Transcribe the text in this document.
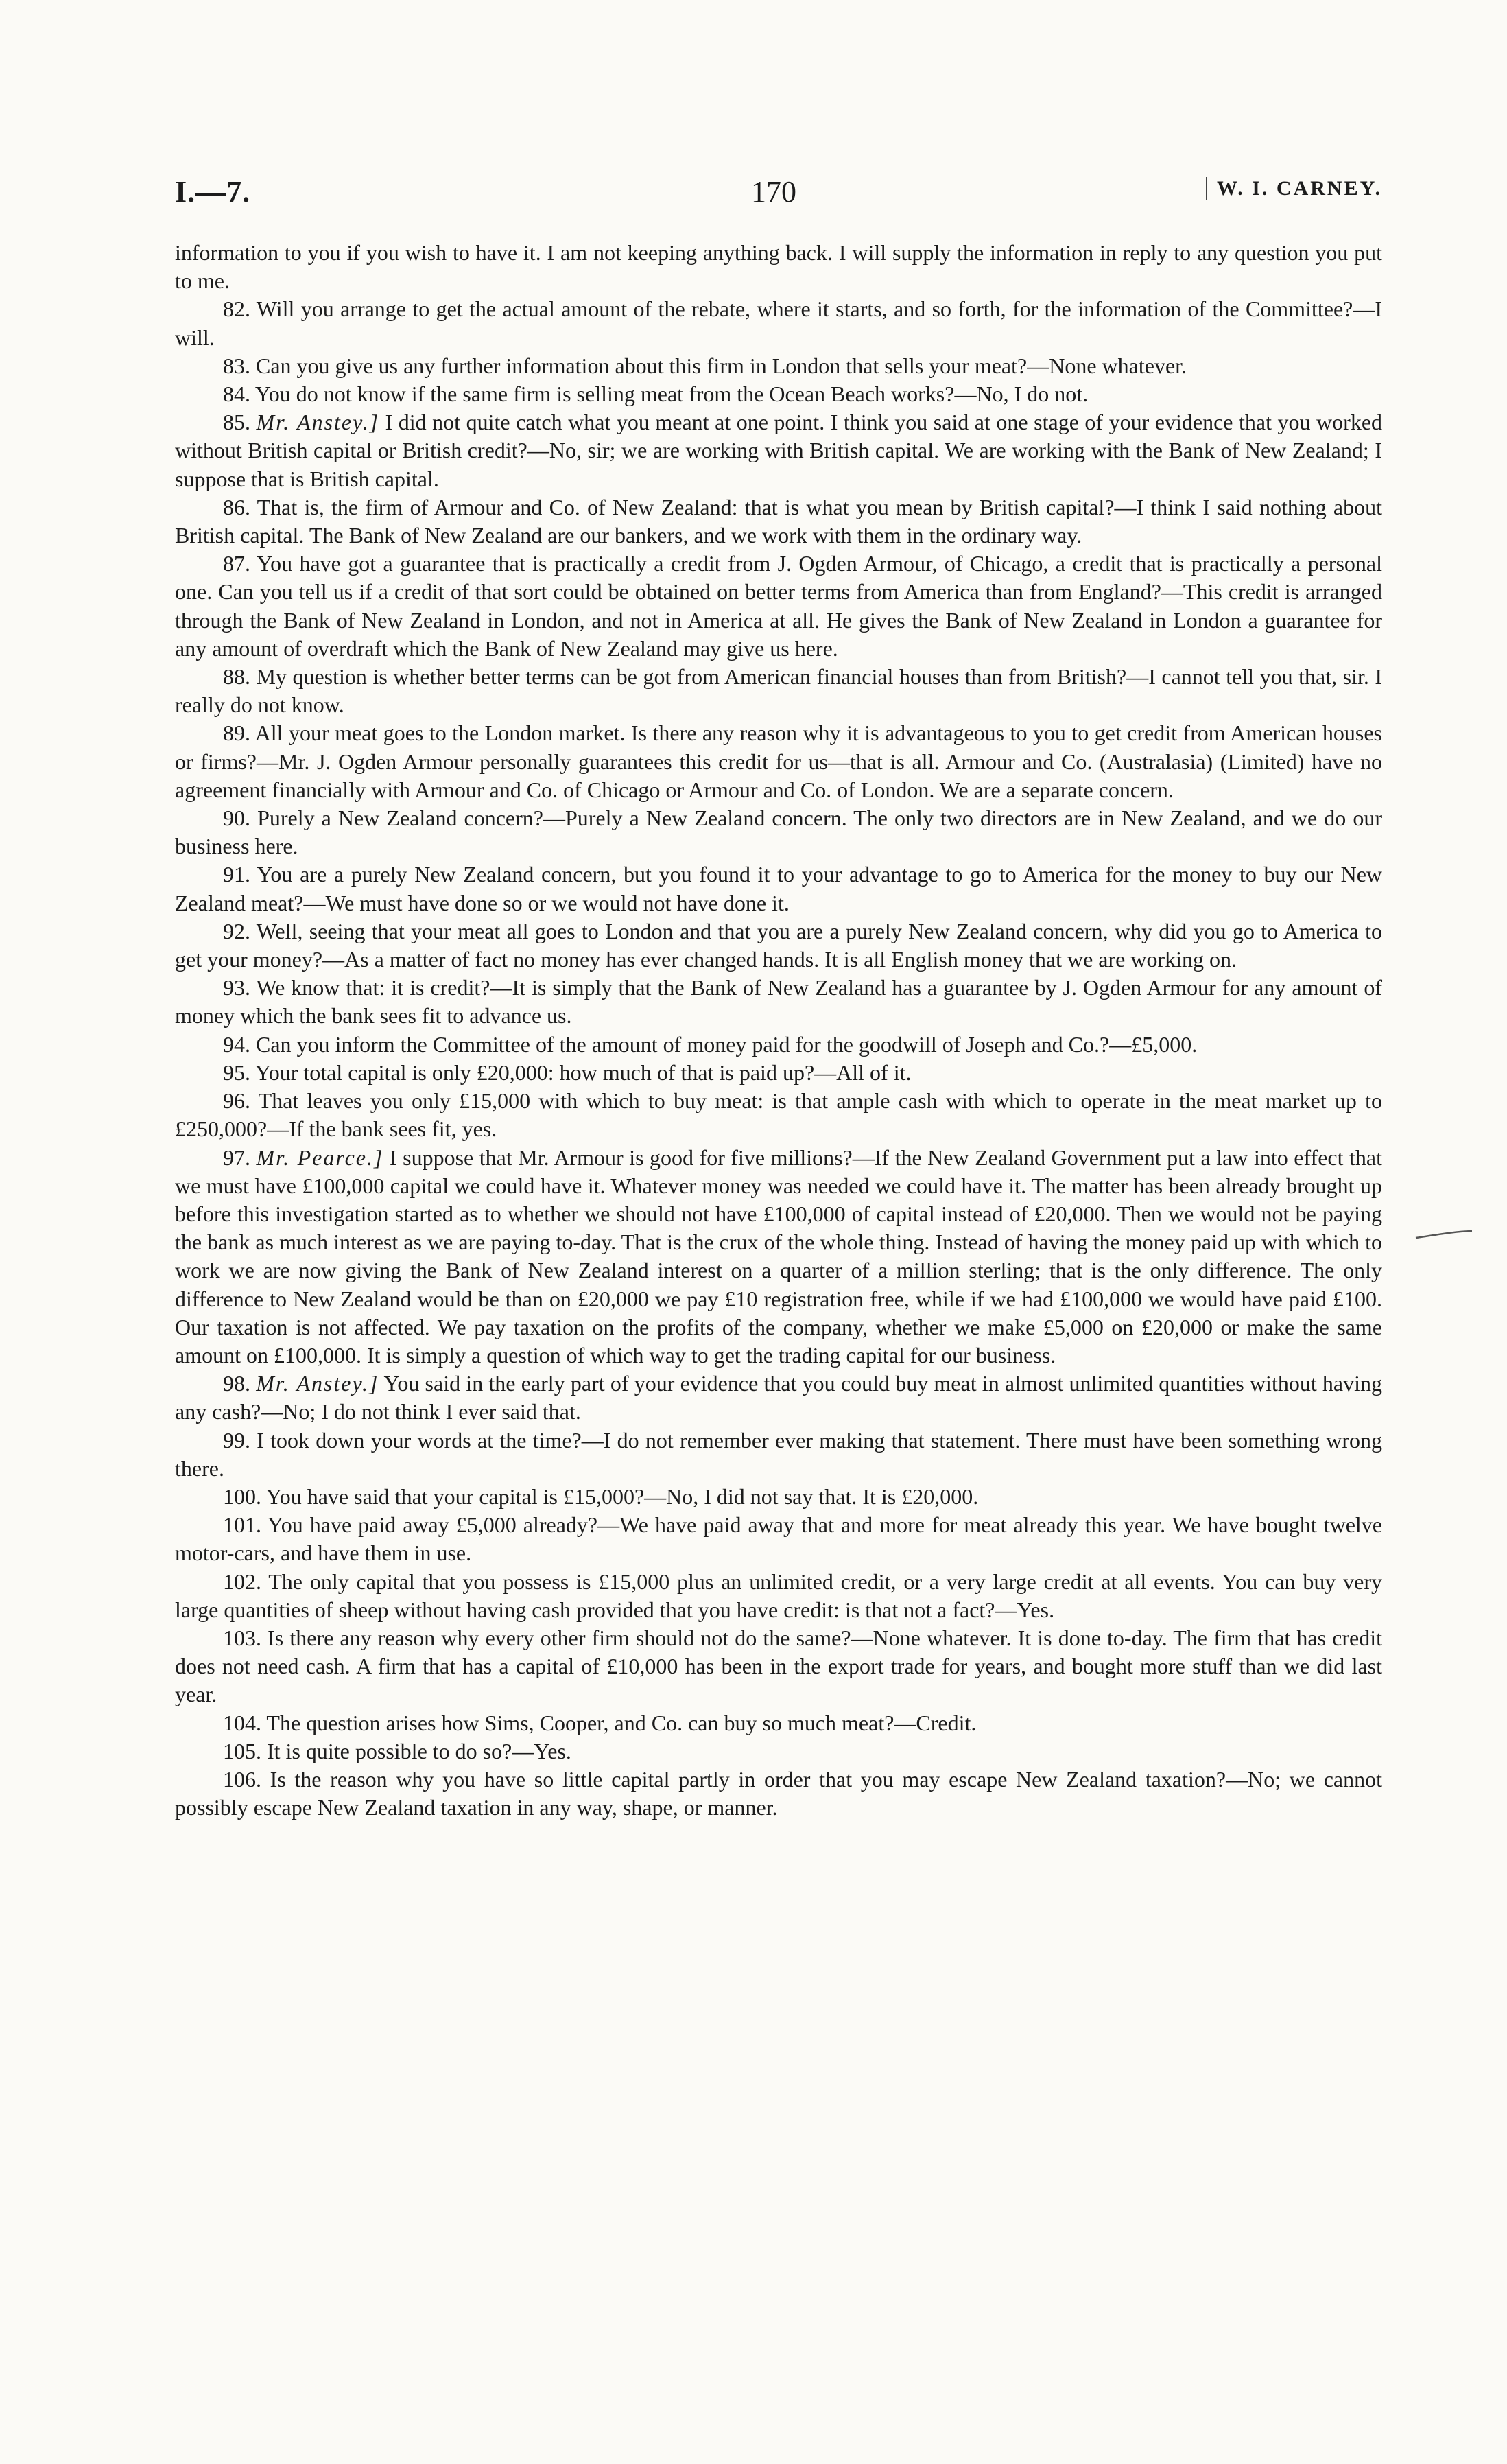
I.—7.	170	W. I. CARNEY.

information to you if you wish to have it. I am not keeping anything back. I will supply the information in reply to any question you put to me.

82. Will you arrange to get the actual amount of the rebate, where it starts, and so forth, for the information of the Committee?—I will.

83. Can you give us any further information about this firm in London that sells your meat?—None whatever.

84. You do not know if the same firm is selling meat from the Ocean Beach works?—No, I do not.

85. Mr. Anstey.] I did not quite catch what you meant at one point. I think you said at one stage of your evidence that you worked without British capital or British credit?—No, sir; we are working with British capital. We are working with the Bank of New Zealand; I suppose that is British capital.

86. That is, the firm of Armour and Co. of New Zealand: that is what you mean by British capital?—I think I said nothing about British capital. The Bank of New Zealand are our bankers, and we work with them in the ordinary way.

87. You have got a guarantee that is practically a credit from J. Ogden Armour, of Chicago, a credit that is practically a personal one. Can you tell us if a credit of that sort could be obtained on better terms from America than from England?—This credit is arranged through the Bank of New Zealand in London, and not in America at all. He gives the Bank of New Zealand in London a guarantee for any amount of overdraft which the Bank of New Zealand may give us here.

88. My question is whether better terms can be got from American financial houses than from British?—I cannot tell you that, sir. I really do not know.

89. All your meat goes to the London market. Is there any reason why it is advantageous to you to get credit from American houses or firms?—Mr. J. Ogden Armour personally guarantees this credit for us—that is all. Armour and Co. (Australasia) (Limited) have no agreement financially with Armour and Co. of Chicago or Armour and Co. of London. We are a separate concern.

90. Purely a New Zealand concern?—Purely a New Zealand concern. The only two directors are in New Zealand, and we do our business here.

91. You are a purely New Zealand concern, but you found it to your advantage to go to America for the money to buy our New Zealand meat?—We must have done so or we would not have done it.

92. Well, seeing that your meat all goes to London and that you are a purely New Zealand concern, why did you go to America to get your money?—As a matter of fact no money has ever changed hands. It is all English money that we are working on.

93. We know that: it is credit?—It is simply that the Bank of New Zealand has a guarantee by J. Ogden Armour for any amount of money which the bank sees fit to advance us.

94. Can you inform the Committee of the amount of money paid for the goodwill of Joseph and Co.?—£5,000.

95. Your total capital is only £20,000: how much of that is paid up?—All of it.

96. That leaves you only £15,000 with which to buy meat: is that ample cash with which to operate in the meat market up to £250,000?—If the bank sees fit, yes.

97. Mr. Pearce.] I suppose that Mr. Armour is good for five millions?—If the New Zealand Government put a law into effect that we must have £100,000 capital we could have it. Whatever money was needed we could have it. The matter has been already brought up before this investigation started as to whether we should not have £100,000 of capital instead of £20,000. Then we would not be paying the bank as much interest as we are paying to-day. That is the crux of the whole thing. Instead of having the money paid up with which to work we are now giving the Bank of New Zealand interest on a quarter of a million sterling; that is the only difference. The only difference to New Zealand would be than on £20,000 we pay £10 registration free, while if we had £100,000 we would have paid £100. Our taxation is not affected. We pay taxation on the profits of the company, whether we make £5,000 on £20,000 or make the same amount on £100,000. It is simply a question of which way to get the trading capital for our business.

98. Mr. Anstey.] You said in the early part of your evidence that you could buy meat in almost unlimited quantities without having any cash?—No; I do not think I ever said that.

99. I took down your words at the time?—I do not remember ever making that statement. There must have been something wrong there.

100. You have said that your capital is £15,000?—No, I did not say that. It is £20,000.

101. You have paid away £5,000 already?—We have paid away that and more for meat already this year. We have bought twelve motor-cars, and have them in use.

102. The only capital that you possess is £15,000 plus an unlimited credit, or a very large credit at all events. You can buy very large quantities of sheep without having cash provided that you have credit: is that not a fact?—Yes.

103. Is there any reason why every other firm should not do the same?—None whatever. It is done to-day. The firm that has credit does not need cash. A firm that has a capital of £10,000 has been in the export trade for years, and bought more stuff than we did last year.

104. The question arises how Sims, Cooper, and Co. can buy so much meat?—Credit.

105. It is quite possible to do so?—Yes.

106. Is the reason why you have so little capital partly in order that you may escape New Zealand taxation?—No; we cannot possibly escape New Zealand taxation in any way, shape, or manner.
